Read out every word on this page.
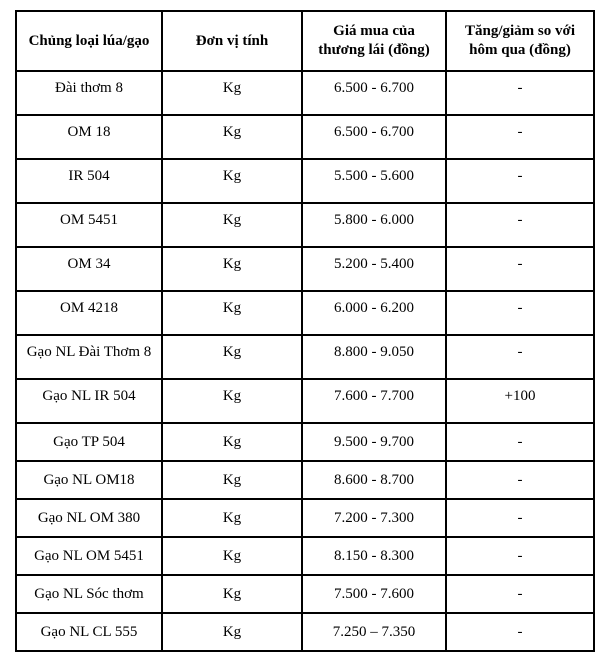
Chủng loại lúa/gạo	Đơn vị tính	Giá mua của thương lái (đồng)	Tăng/giảm so với hôm qua (đồng)
Đài thơm 8	Kg	6.500 - 6.700	-
OM 18	Kg	6.500 - 6.700	-
IR 504	Kg	5.500 - 5.600	-
OM 5451	Kg	5.800 - 6.000	-
OM 34	Kg	5.200 - 5.400	-
OM 4218	Kg	6.000 - 6.200	-
Gạo NL Đài Thơm 8	Kg	8.800 - 9.050	-
Gạo NL IR 504	Kg	7.600 - 7.700	+100
Gạo TP 504	Kg	9.500 - 9.700	-
Gạo NL OM18	Kg	8.600 - 8.700	-
Gạo NL OM 380	Kg	7.200 - 7.300	-
Gạo NL OM 5451	Kg	8.150 - 8.300	-
Gạo NL Sóc thơm	Kg	7.500 - 7.600	-
Gạo NL CL 555	Kg	7.250 – 7.350	-
